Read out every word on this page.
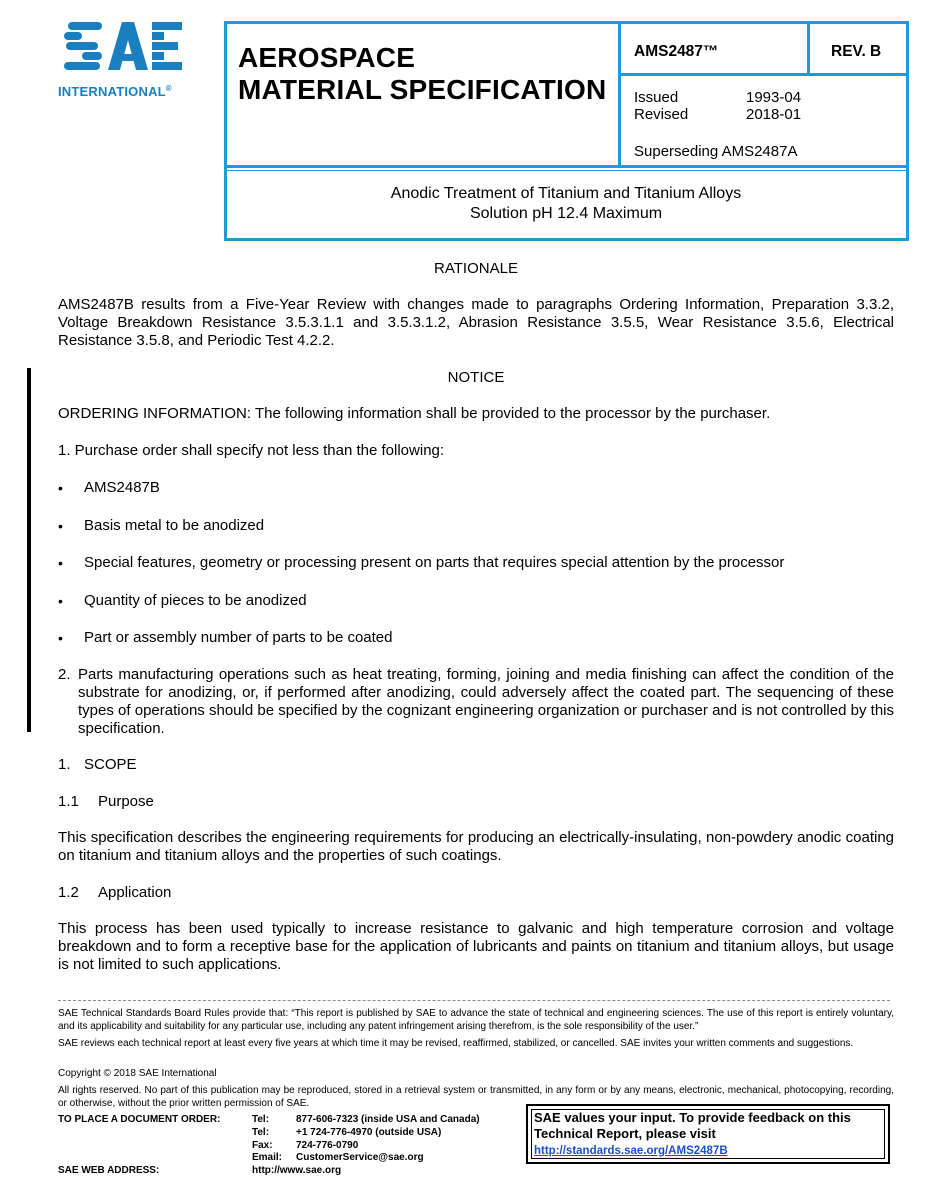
INTERNATIONAL®
AEROSPACE
MATERIAL SPECIFICATION
AMS2487™	REV. B
Issued	1993-04
Revised	2018-01
Superseding AMS2487A
Anodic Treatment of Titanium and Titanium Alloys
Solution pH 12.4 Maximum
RATIONALE
AMS2487B results from a Five-Year Review with changes made to paragraphs Ordering Information, Preparation 3.3.2, Voltage Breakdown Resistance 3.5.3.1.1 and 3.5.3.1.2, Abrasion Resistance 3.5.5, Wear Resistance 3.5.6, Electrical Resistance 3.5.8, and Periodic Test 4.2.2.
NOTICE
ORDERING INFORMATION: The following information shall be provided to the processor by the purchaser.
1. Purchase order shall specify not less than the following:
• AMS2487B
• Basis metal to be anodized
• Special features, geometry or processing present on parts that requires special attention by the processor
• Quantity of pieces to be anodized
• Part or assembly number of parts to be coated
2. Parts manufacturing operations such as heat treating, forming, joining and media finishing can affect the condition of the substrate for anodizing, or, if performed after anodizing, could adversely affect the coated part. The sequencing of these types of operations should be specified by the cognizant engineering organization or purchaser and is not controlled by this specification.
1. SCOPE
1.1 Purpose
This specification describes the engineering requirements for producing an electrically-insulating, non-powdery anodic coating on titanium and titanium alloys and the properties of such coatings.
1.2 Application
This process has been used typically to increase resistance to galvanic and high temperature corrosion and voltage breakdown and to form a receptive base for the application of lubricants and paints on titanium and titanium alloys, but usage is not limited to such applications.
SAE Technical Standards Board Rules provide that: “This report is published by SAE to advance the state of technical and engineering sciences. The use of this report is entirely voluntary, and its applicability and suitability for any particular use, including any patent infringement arising therefrom, is the sole responsibility of the user.”
SAE reviews each technical report at least every five years at which time it may be revised, reaffirmed, stabilized, or cancelled. SAE invites your written comments and suggestions.
Copyright © 2018 SAE International
All rights reserved. No part of this publication may be reproduced, stored in a retrieval system or transmitted, in any form or by any means, electronic, mechanical, photocopying, recording, or otherwise, without the prior written permission of SAE.
TO PLACE A DOCUMENT ORDER:	Tel:	877-606-7323 (inside USA and Canada)
Tel:	+1 724-776-4970 (outside USA)
Fax: 724-776-0790
Email: CustomerService@sae.org
SAE WEB ADDRESS:	http://www.sae.org
SAE values your input. To provide feedback on this
Technical Report, please visit
http://standards.sae.org/AMS2487B
